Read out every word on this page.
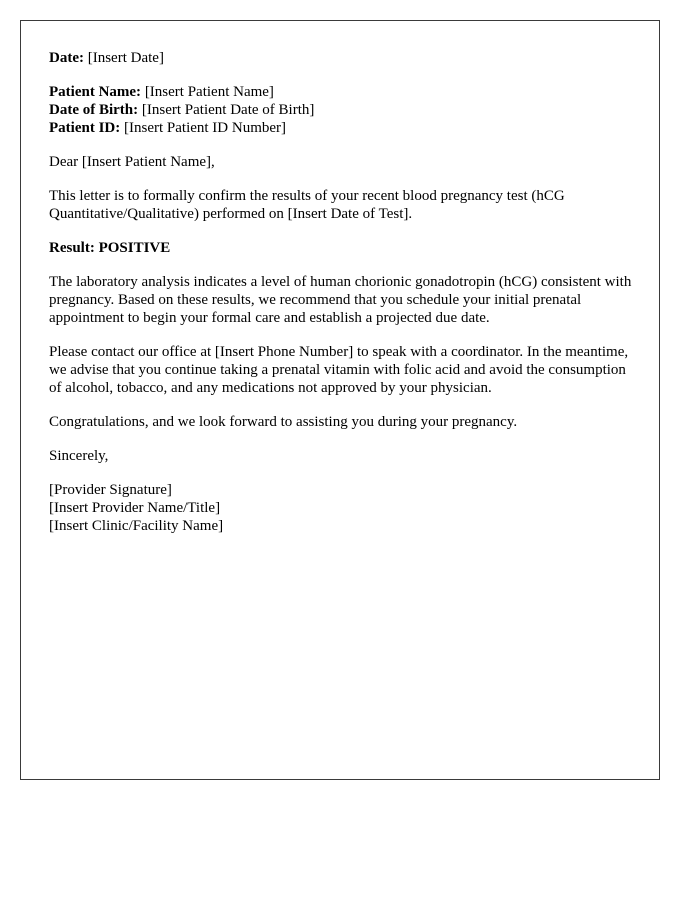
Date: [Insert Date]

Patient Name: [Insert Patient Name]
Date of Birth: [Insert Patient Date of Birth]
Patient ID: [Insert Patient ID Number]

Dear [Insert Patient Name],

This letter is to formally confirm the results of your recent blood pregnancy test (hCG Quantitative/Qualitative) performed on [Insert Date of Test].

Result: POSITIVE

The laboratory analysis indicates a level of human chorionic gonadotropin (hCG) consistent with pregnancy. Based on these results, we recommend that you schedule your initial prenatal appointment to begin your formal care and establish a projected due date.

Please contact our office at [Insert Phone Number] to speak with a coordinator. In the meantime, we advise that you continue taking a prenatal vitamin with folic acid and avoid the consumption of alcohol, tobacco, and any medications not approved by your physician.

Congratulations, and we look forward to assisting you during your pregnancy.

Sincerely,

[Provider Signature]
[Insert Provider Name/Title]
[Insert Clinic/Facility Name]
